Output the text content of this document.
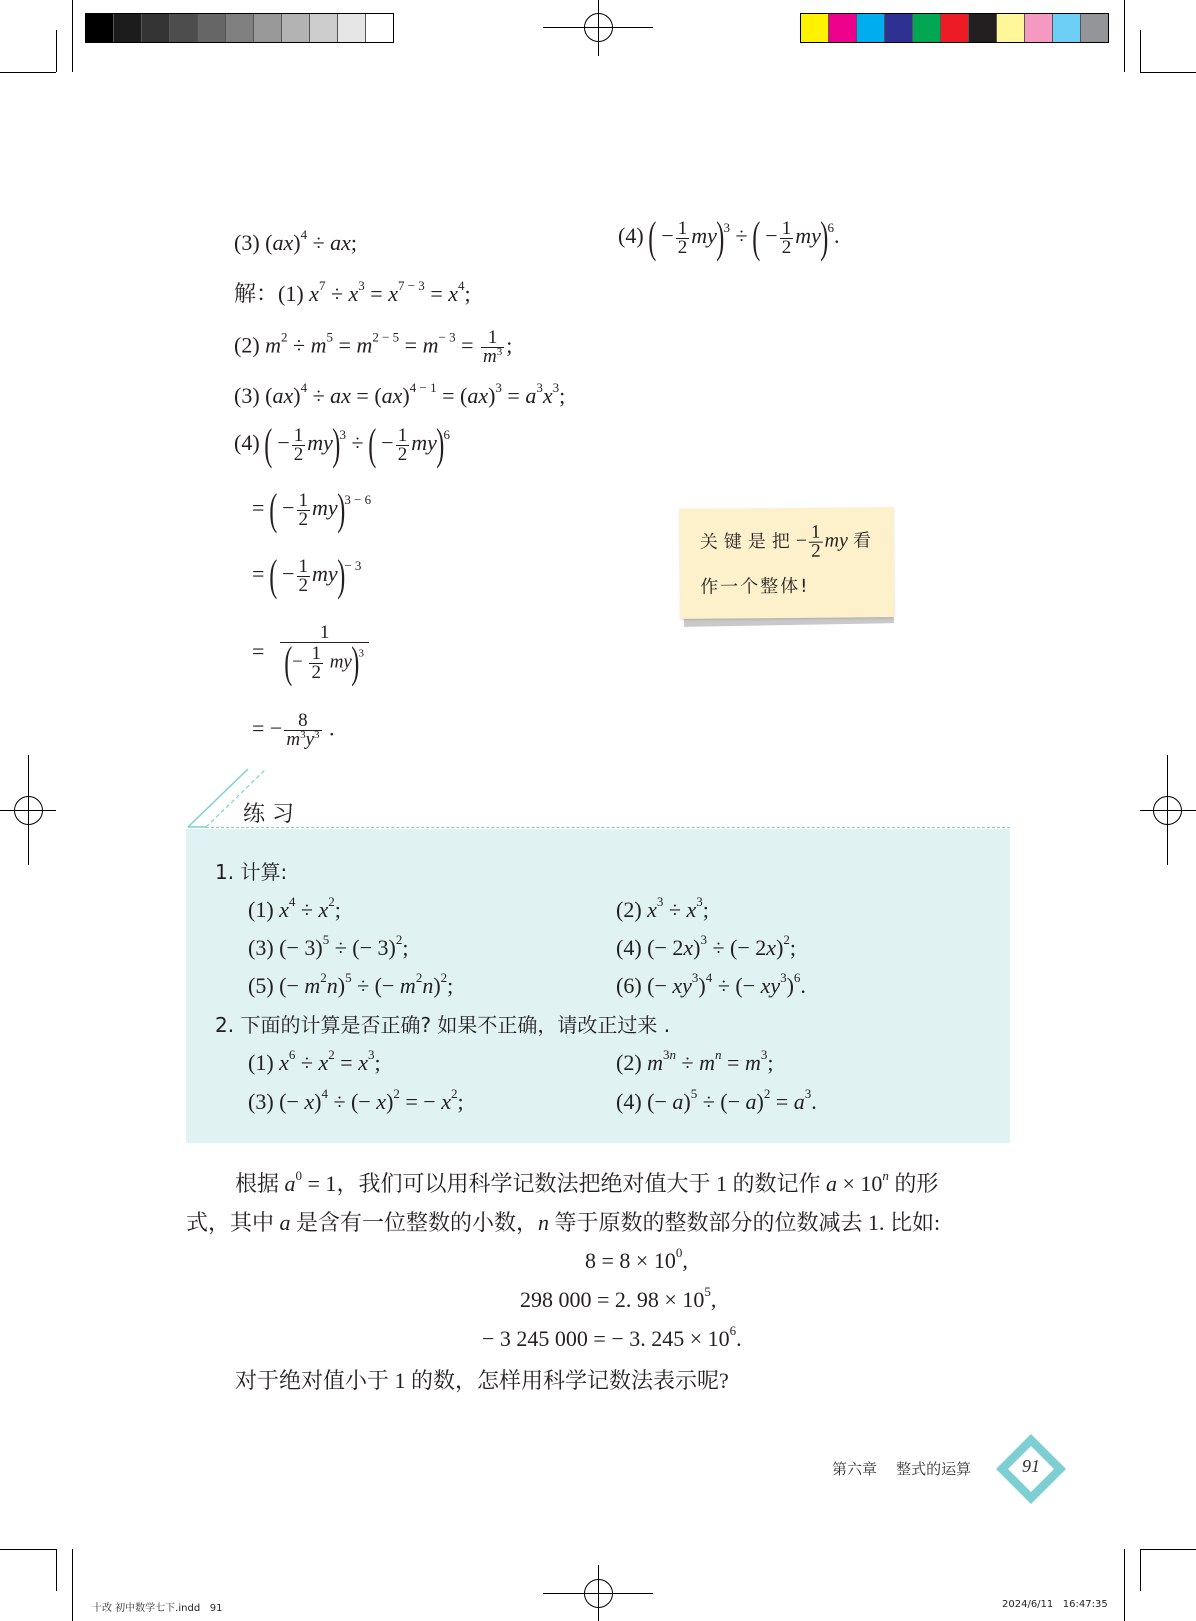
(3) (ax)$^4$ ÷ ax;	(4) ( − $\frac{1}{2} my)^3$ ÷ ( − $\frac{1}{2} my)^6$.
解：(1) $x^7 \div x^3 = x^{7 - 3} = x^4$;
(2) $m^2 \div m^5 = m^{2 - 5} = m^{- 3} = \frac{1}{m^3}$ ;
(3) (ax)$^4$ ÷ ax = $(ax)^{4 - 1} = (ax)^3 = a^3x^3$;
(4) ( − $\frac{1}{2} my)^3$ ÷ ( − $\frac{1}{2} my)^6$
= ( − $\frac{1}{2} my)^{3 - 6}$
= ( − $\frac{1}{2} my)^{- 3}$
= $\frac{1}{(- \frac{1}{2} my)^3}$
= − $\frac{8}{m^3y^3}$ .
关键是把− $\frac{1}{2}$ my 看
作一个整体!
练 习
1. 计算:
(1) $x^4 \div x^2$;	(2) $x^3 \div x^3$;
(3) (− 3)$^5$ ÷ (− 3)$^2$;	(4) (− 2x)$^3$ ÷ (− 2x)$^2$;
(5) (− $m^2n)^5$ ÷ (− $m^2n)^2$;	(6) (− $xy^3)^4$ ÷ (− $xy^3)^6$.
2. 下面的计算是否正确? 如果不正确，请改正过来 .
(1) $x^6 \div x^2 = x^3$;	(2) $m^{3n} \div m^n = m^3$;
(3) (− x)$^4$ ÷ (− x)$^2$ = − $x^2$;	(4) (− a)$^5$ ÷ (− $a)^2 = a^3$.
根据 $a^0 = 1$，我们可以用科学记数法把绝对值大于 1 的数记作 $a \times 10^n$ 的形
式，其中 a 是含有一位整数的小数，n 等于原数的整数部分的位数减去 1. 比如:
$8 = 8 \times 10^0$,
298 000 = 2. $98 \times 10^5$,
− 3 245 000 = − 3. $245 \times 10^6$.
对于绝对值小于 1 的数，怎样用科学记数法表示呢?
第六章    整式的运算	91
十改 初中数学七下.indd   91	2024/6/11   16:47:35
